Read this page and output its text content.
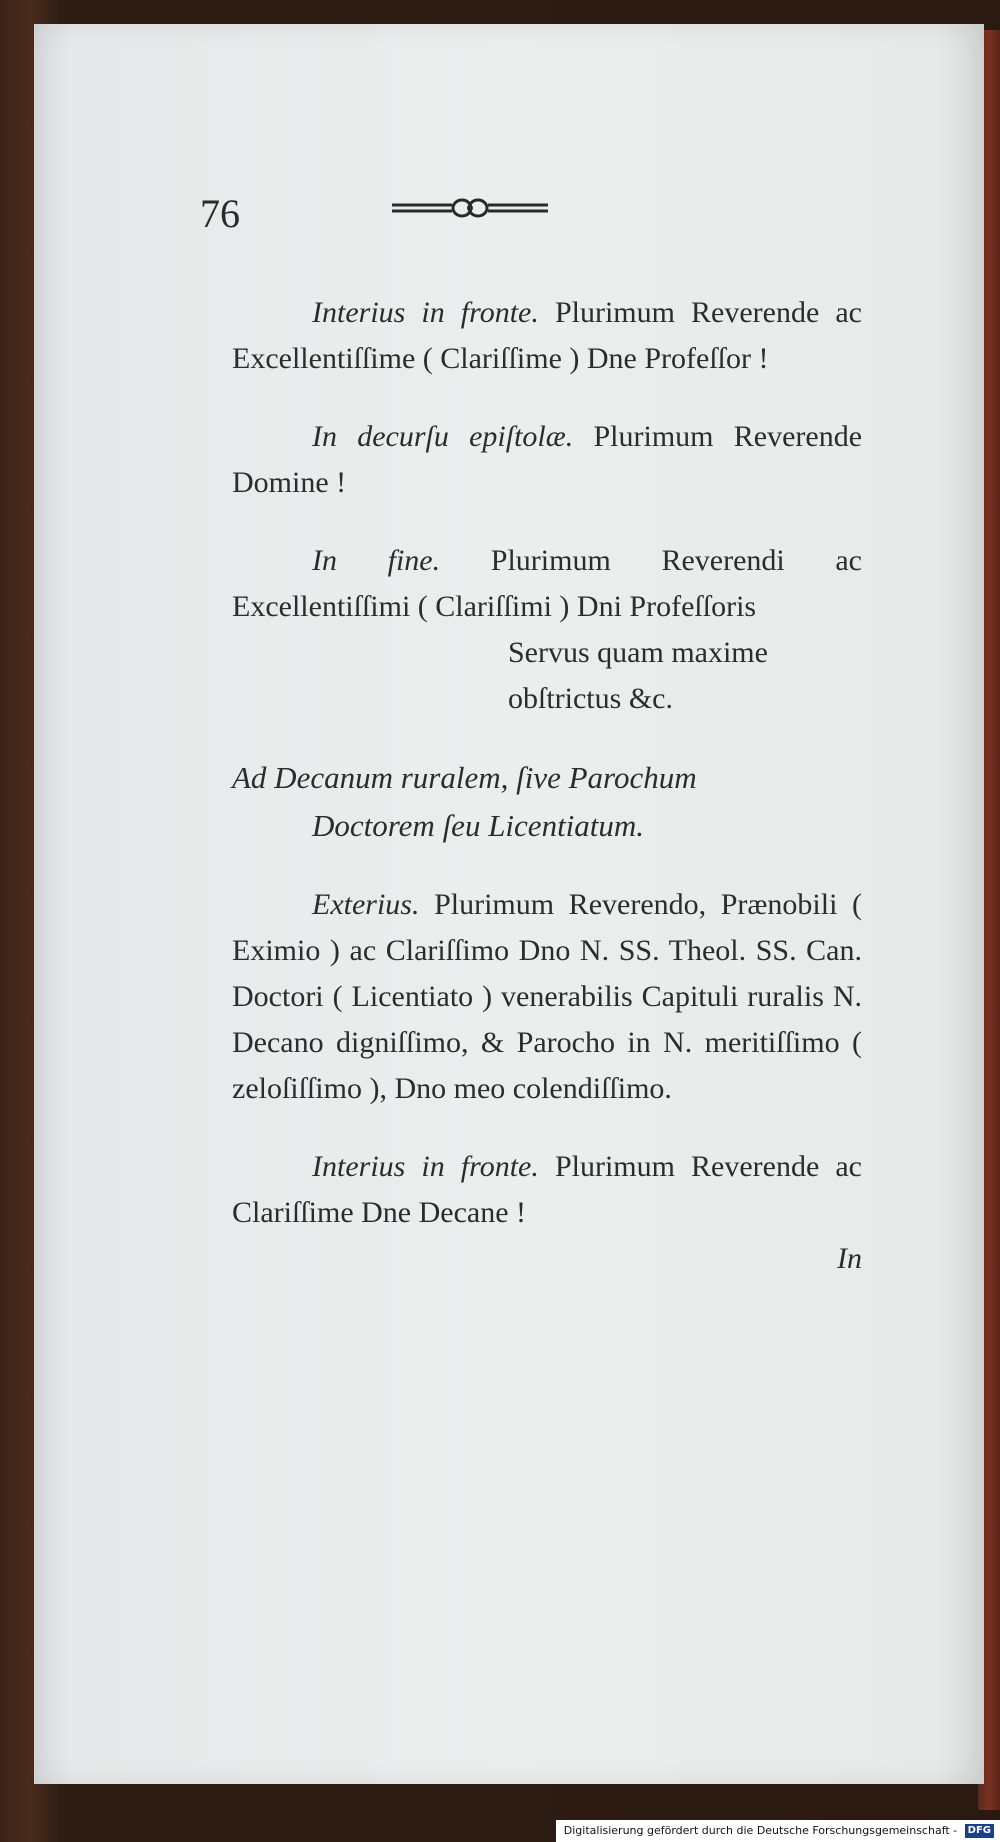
76

Interius in fronte. Plurimum Reverende ac Excellentiſſime ( Clariſſime ) Dne Profeſſor !

In decurſu epiſtolæ. Plurimum Reverende Domine !

In fine. Plurimum Reverendi ac Excellentiſſimi ( Clariſſimi ) Dni Profeſſoris

Servus quam maxime

obſtrictus &c.

Ad Decanum ruralem, ſive Parochum

Doctorem ſeu Licentiatum.

Exterius. Plurimum Reverendo, Prænobili ( Eximio ) ac Clariſſimo Dno N. SS. Theol. SS. Can. Doctori ( Licentiato ) venerabilis Capituli ruralis N. Decano digniſſimo, & Parocho in N. meritiſſimo ( zeloſiſſimo ), Dno meo colendiſſimo.

Interius in fronte. Plurimum Reverende ac Clariſſime Dne Decane !

In

Digitalisierung gefördert durch die Deutsche Forschungsgemeinschaft - DFG
